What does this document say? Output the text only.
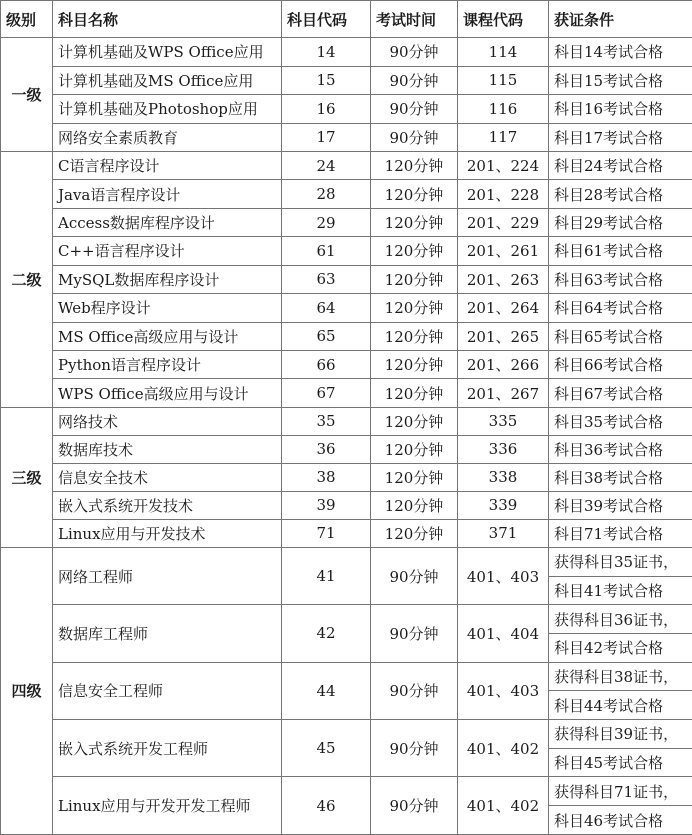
级别	科目名称	科目代码	考试时间	课程代码	获证条件
一级	计算机基础及WPS Office应用	14	90分钟	114	科目14考试合格
	计算机基础及MS Office应用	15	90分钟	115	科目15考试合格
	计算机基础及Photoshop应用	16	90分钟	116	科目16考试合格
	网络安全素质教育	17	90分钟	117	科目17考试合格
二级	C语言程序设计	24	120分钟	201、224	科目24考试合格
	Java语言程序设计	28	120分钟	201、228	科目28考试合格
	Access数据库程序设计	29	120分钟	201、229	科目29考试合格
	C++语言程序设计	61	120分钟	201、261	科目61考试合格
	MySQL数据库程序设计	63	120分钟	201、263	科目63考试合格
	Web程序设计	64	120分钟	201、264	科目64考试合格
	MS Office高级应用与设计	65	120分钟	201、265	科目65考试合格
	Python语言程序设计	66	120分钟	201、266	科目66考试合格
	WPS Office高级应用与设计	67	120分钟	201、267	科目67考试合格
三级	网络技术	35	120分钟	335	科目35考试合格
	数据库技术	36	120分钟	336	科目36考试合格
	信息安全技术	38	120分钟	338	科目38考试合格
	嵌入式系统开发技术	39	120分钟	339	科目39考试合格
	Linux应用与开发技术	71	120分钟	371	科目71考试合格
四级	网络工程师	41	90分钟	401、403	获得科目35证书，
					科目41考试合格
	数据库工程师	42	90分钟	401、404	获得科目36证书，
					科目42考试合格
	信息安全工程师	44	90分钟	401、403	获得科目38证书，
					科目44考试合格
	嵌入式系统开发工程师	45	90分钟	401、402	获得科目39证书，
					科目45考试合格
	Linux应用与开发开发工程师	46	90分钟	401、402	获得科目71证书，
					科目46考试合格
